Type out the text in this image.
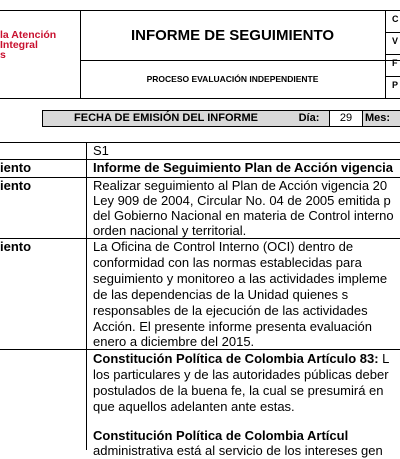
la Atención
Integral
s
INFORME DE SEGUIMIENTO
PROCESO EVALUACIÓN INDEPENDIENTE
C
V
F
P
FECHA DE EMISIÓN DEL INFORME	Día:	29	Mes:
S1
iento	Informe de Seguimiento Plan de Acción vigencia
iento	Realizar seguimiento al Plan de Acción vigencia 20
Ley 909 de 2004, Circular No. 04 de 2005 emitida p
del Gobierno Nacional en materia de Control interno
orden nacional y territorial.
iento	La Oficina de Control Interno (OCI) dentro de
conformidad con las normas establecidas para
seguimiento y monitoreo a las actividades impleme
de las dependencias de la Unidad quienes s
responsables de la ejecución de las actividades
Acción. El presente informe presenta evaluación
enero a diciembre del 2015.
Constitución Política de Colombia Artículo 83: L
los particulares y de las autoridades públicas deber
postulados de la buena fe, la cual se presumirá en
que aquellos adelanten ante estas.
Constitución Política de Colombia Artícul
administrativa está al servicio de los intereses gen
